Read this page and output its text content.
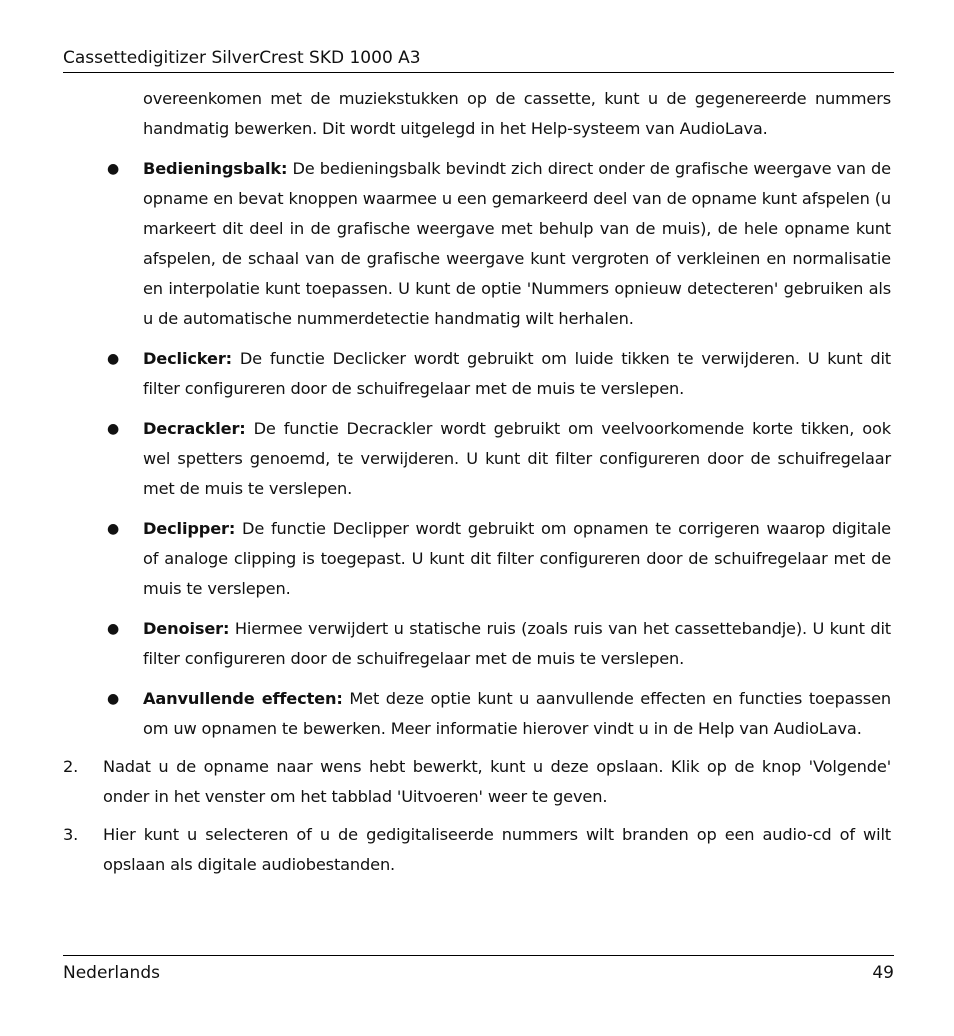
Cassettedigitizer SilverCrest SKD 1000 A3

overeenkomen met de muziekstukken op de cassette, kunt u de gegenereerde nummers handmatig bewerken. Dit wordt uitgelegd in het Help-systeem van AudioLava.

● Bedieningsbalk: De bedieningsbalk bevindt zich direct onder de grafische weergave van de opname en bevat knoppen waarmee u een gemarkeerd deel van de opname kunt afspelen (u markeert dit deel in de grafische weergave met behulp van de muis), de hele opname kunt afspelen, de schaal van de grafische weergave kunt vergroten of verkleinen en normalisatie en interpolatie kunt toepassen. U kunt de optie 'Nummers opnieuw detecteren' gebruiken als u de automatische nummerdetectie handmatig wilt herhalen.

● Declicker: De functie Declicker wordt gebruikt om luide tikken te verwijderen. U kunt dit filter configureren door de schuifregelaar met de muis te verslepen.

● Decrackler: De functie Decrackler wordt gebruikt om veelvoorkomende korte tikken, ook wel spetters genoemd, te verwijderen. U kunt dit filter configureren door de schuifregelaar met de muis te verslepen.

● Declipper: De functie Declipper wordt gebruikt om opnamen te corrigeren waarop digitale of analoge clipping is toegepast. U kunt dit filter configureren door de schuifregelaar met de muis te verslepen.

● Denoiser: Hiermee verwijdert u statische ruis (zoals ruis van het cassettebandje). U kunt dit filter configureren door de schuifregelaar met de muis te verslepen.

● Aanvullende effecten: Met deze optie kunt u aanvullende effecten en functies toepassen om uw opnamen te bewerken. Meer informatie hierover vindt u in de Help van AudioLava.

2. Nadat u de opname naar wens hebt bewerkt, kunt u deze opslaan. Klik op de knop 'Volgende' onder in het venster om het tabblad 'Uitvoeren' weer te geven.

3. Hier kunt u selecteren of u de gedigitaliseerde nummers wilt branden op een audio-cd of wilt opslaan als digitale audiobestanden.

Nederlands	49
